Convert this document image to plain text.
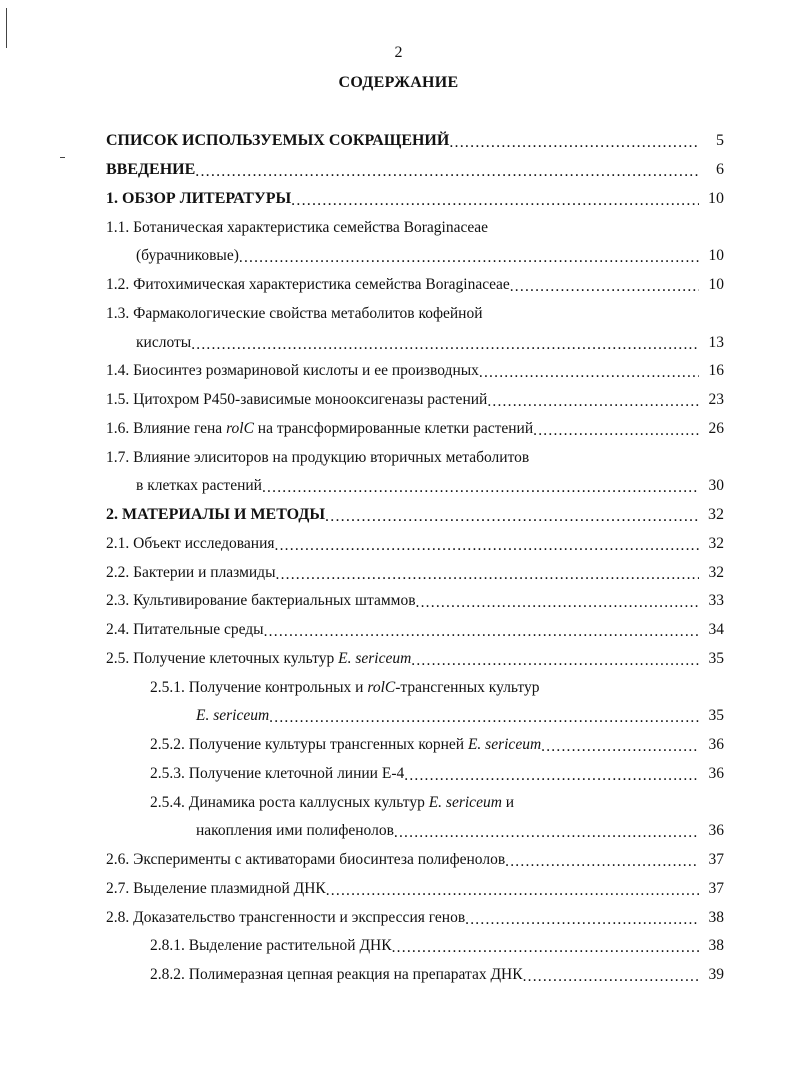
2
СОДЕРЖАНИЕ
СПИСОК ИСПОЛЬЗУЕМЫХ СОКРАЩЕНИЙ .....	5
ВВЕДЕНИЕ .....	6
1. ОБЗОР ЛИТЕРАТУРЫ .....	10
1.1. Ботаническая характеристика семейства Boraginaceae
(бурачниковые) .....	10
1.2. Фитохимическая характеристика семейства Boraginaceae .....	10
1.3. Фармакологические свойства метаболитов кофейной
кислоты .....	13
1.4. Биосинтез розмариновой кислоты и ее производных .....	16
1.5. Цитохром P450-зависимые монооксигеназы растений .....	23
1.6. Влияние гена rolC на трансформированные клетки растений .....	26
1.7. Влияние элиситоров на продукцию вторичных метаболитов
в клетках растений .....	30
2. МАТЕРИАЛЫ И МЕТОДЫ .....	32
2.1. Объект исследования .....	32
2.2. Бактерии и плазмиды .....	32
2.3. Культивирование бактериальных штаммов .....	33
2.4. Питательные среды .....	34
2.5. Получение клеточных культур E. sericeum .....	35
2.5.1. Получение контрольных и rolC-трансгенных культур
E. sericeum .....	35
2.5.2. Получение культуры трансгенных корней E. sericeum .....	36
2.5.3. Получение клеточной линии Е-4 .....	36
2.5.4. Динамика роста каллусных культур E. sericeum и
накопления ими полифенолов .....	36
2.6. Эксперименты с активаторами биосинтеза полифенолов .....	37
2.7. Выделение плазмидной ДНК .....	37
2.8. Доказательство трансгенности и экспрессия генов .....	38
2.8.1. Выделение растительной ДНК .....	38
2.8.2. Полимеразная цепная реакция на препаратах ДНК .....	39
